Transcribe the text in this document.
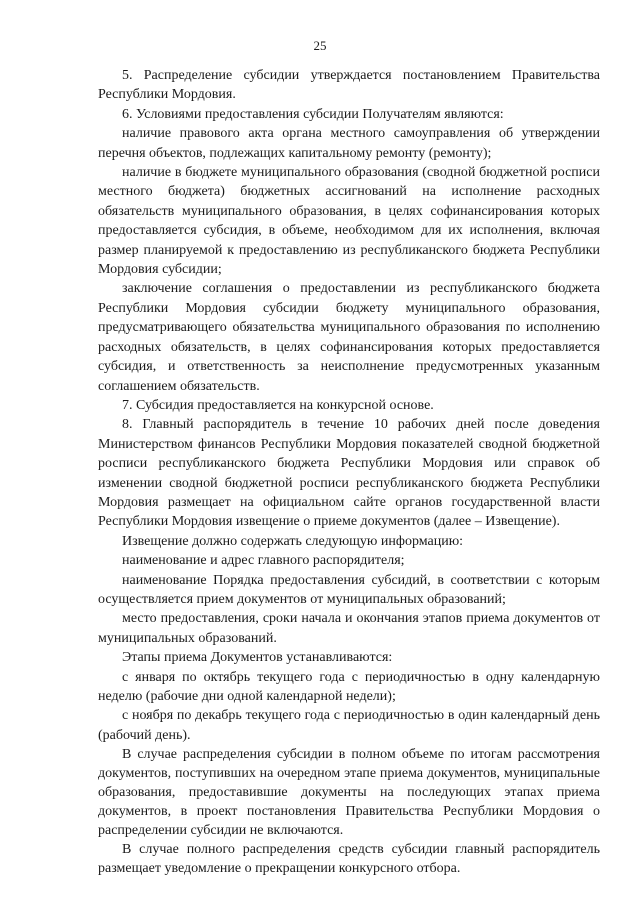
25

5. Распределение субсидии утверждается постановлением Правительства Республики Мордовия.

6. Условиями предоставления субсидии Получателям являются:

наличие правового акта органа местного самоуправления об утверждении перечня объектов, подлежащих капитальному ремонту (ремонту);

наличие в бюджете муниципального образования (сводной бюджетной росписи местного бюджета) бюджетных ассигнований на исполнение расходных обязательств муниципального образования, в целях софинансирования которых предоставляется субсидия, в объеме, необходимом для их исполнения, включая размер планируемой к предоставлению из республиканского бюджета Республики Мордовия субсидии;

заключение соглашения о предоставлении из республиканского бюджета Республики Мордовия субсидии бюджету муниципального образования, предусматривающего обязательства муниципального образования по исполнению расходных обязательств, в целях софинансирования которых предоставляется субсидия, и ответственность за неисполнение предусмотренных указанным соглашением обязательств.

7. Субсидия предоставляется на конкурсной основе.

8. Главный распорядитель в течение 10 рабочих дней после доведения Министерством финансов Республики Мордовия показателей сводной бюджетной росписи республиканского бюджета Республики Мордовия или справок об изменении сводной бюджетной росписи республиканского бюджета Республики Мордовия размещает на официальном сайте органов государственной власти Республики Мордовия извещение о приеме документов (далее – Извещение).

Извещение должно содержать следующую информацию:

наименование и адрес главного распорядителя;

наименование Порядка предоставления субсидий, в соответствии с которым осуществляется прием документов от муниципальных образований;

место предоставления, сроки начала и окончания этапов приема документов от муниципальных образований.

Этапы приема Документов устанавливаются:

с января по октябрь текущего года с периодичностью в одну календарную неделю (рабочие дни одной календарной недели);

с ноября по декабрь текущего года с периодичностью в один календарный день (рабочий день).

В случае распределения субсидии в полном объеме по итогам рассмотрения документов, поступивших на очередном этапе приема документов, муниципальные образования, предоставившие документы на последующих этапах приема документов, в проект постановления Правительства Республики Мордовия о распределении субсидии не включаются.

В случае полного распределения средств субсидии главный распорядитель размещает уведомление о прекращении конкурсного отбора.
